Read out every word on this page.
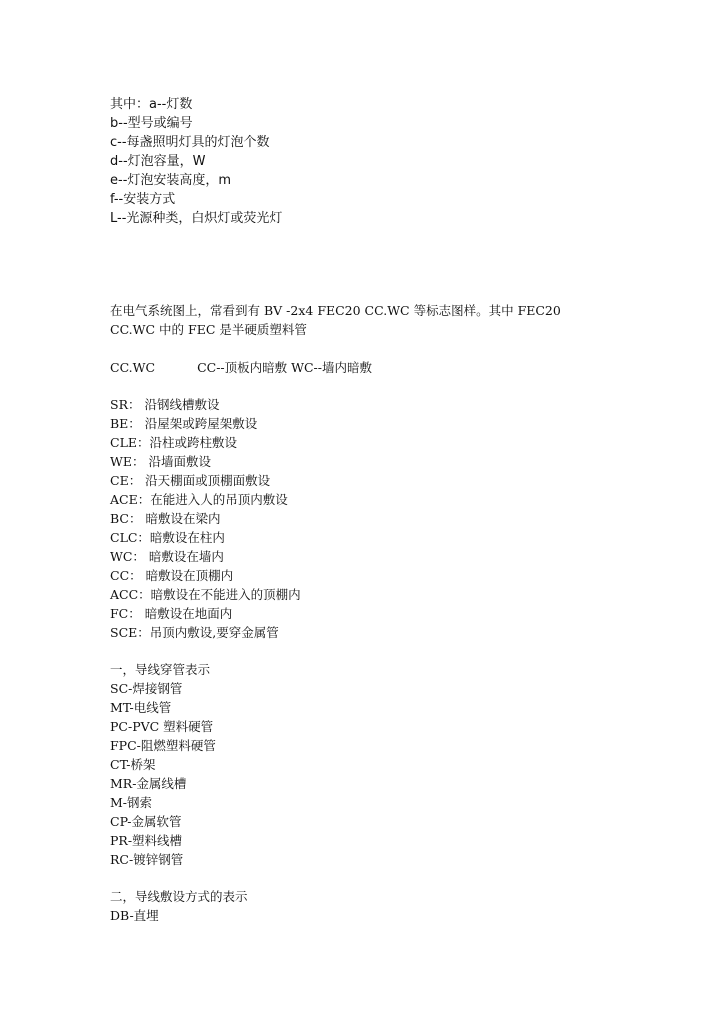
其中：a--灯数
b--型号或编号
c--每盏照明灯具的灯泡个数
d--灯泡容量，W
e--灯泡安装高度，m
f--安装方式
L--光源种类，白炽灯或荧光灯
在电气系统图上，常看到有 BV -2x4 FEC20 CC.WC 等标志图样。其中 FEC20
CC.WC 中的 FEC 是半硬质塑料管
CC.WC	CC--顶板内暗敷 WC--墙内暗敷
SR： 沿钢线槽敷设
BE： 沿屋架或跨屋架敷设
CLE：沿柱或跨柱敷设
WE： 沿墙面敷设
CE： 沿天棚面或顶棚面敷设
ACE：在能进入人的吊顶内敷设
BC： 暗敷设在梁内
CLC：暗敷设在柱内
WC： 暗敷设在墙内
CC： 暗敷设在顶棚内
ACC：暗敷设在不能进入的顶棚内
FC： 暗敷设在地面内
SCE：吊顶内敷设,要穿金属管
一，导线穿管表示
SC-焊接钢管
MT-电线管
PC-PVC 塑料硬管
FPC-阻燃塑料硬管
CT-桥架
MR-金属线槽
M-钢索
CP-金属软管
PR-塑料线槽
RC-镀锌钢管
二，导线敷设方式的表示
DB-直埋
